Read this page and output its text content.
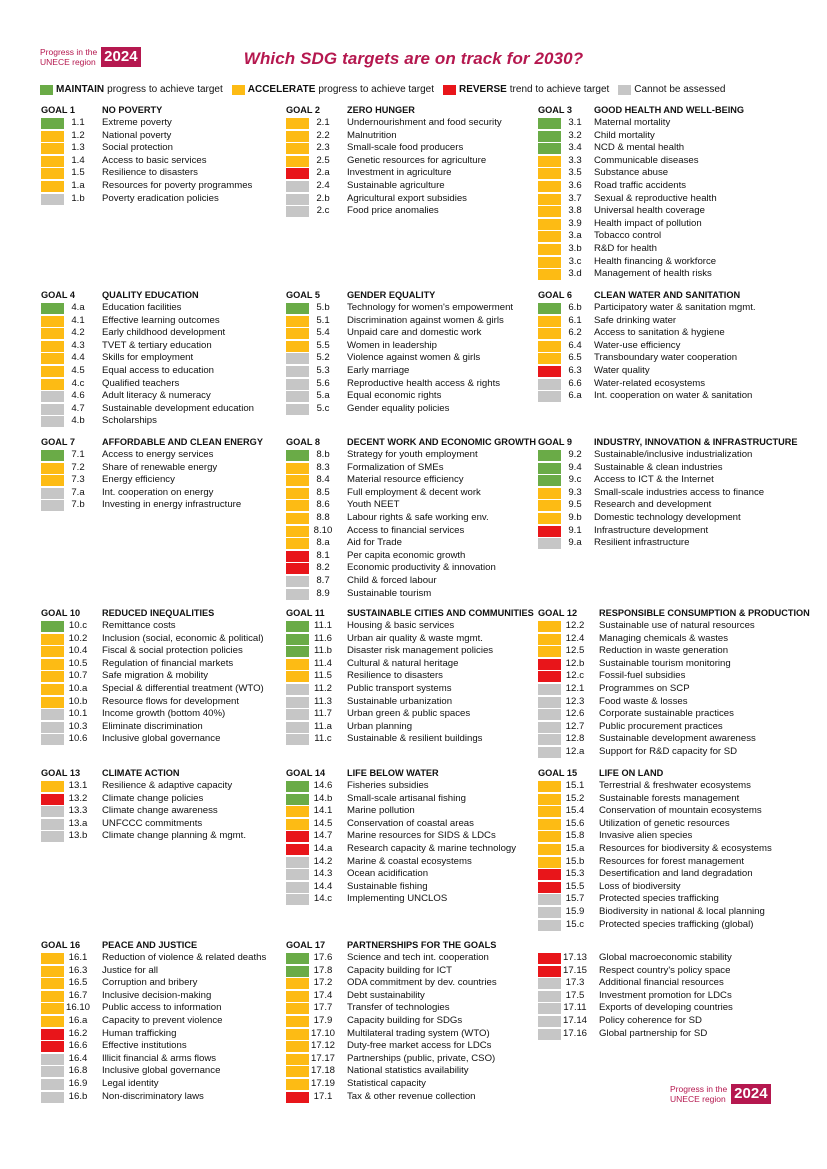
Progress in the
UNECE region 2024	Which SDG targets are on track for 2030?
MAINTAIN progress to achieve target	ACCELERATE progress to achieve target	REVERSE trend to achieve target	Cannot be assessed
GOAL 1	NO POVERTY
1.1	Extreme poverty
1.2	National poverty
1.3	Social protection
1.4	Access to basic services
1.5	Resilience to disasters
1.a	Resources for poverty programmes
1.b	Poverty eradication policies
GOAL 2	ZERO HUNGER
2.1	Undernourishment and food security
2.2	Malnutrition
2.3	Small-scale food producers
2.5	Genetic resources for agriculture
2.a	Investment in agriculture
2.4	Sustainable agriculture
2.b	Agricultural export subsidies
2.c	Food price anomalies
GOAL 3 GOOD HEALTH AND WELL-BEING
3.1	Maternal mortality
3.2	Child mortality
3.4	NCD & mental health
3.3	Communicable diseases
3.5	Substance abuse
3.6	Road traffic accidents
3.7	Sexual & reproductive health
3.8	Universal health coverage
3.9	Health impact of pollution
3.a	Tobacco control
3.b	R&D for health
3.c	Health financing & workforce
3.d	Management of health risks
GOAL 4	QUALITY EDUCATION
4.a	Education facilities
4.1	Effective learning outcomes
4.2	Early childhood development
4.3	TVET & tertiary education
4.4	Skills for employment
4.5	Equal access to education
4.c	Qualified teachers
4.6	Adult literacy & numeracy
4.7	Sustainable development education
4.b	Scholarships
GOAL 5	GENDER EQUALITY
5.b	Technology for women's empowerment
5.1	Discrimination against women & girls
5.4	Unpaid care and domestic work
5.5	Women in leadership
5.2	Violence against women & girls
5.3	Early marriage
5.6	Reproductive health access & rights
5.a	Equal economic rights
5.c	Gender equality policies
GOAL 6 CLEAN WATER AND SANITATION
6.b	Participatory water & sanitation mgmt.
6.1	Safe drinking water
6.2	Access to sanitation & hygiene
6.4	Water-use efficiency
6.5	Transboundary water cooperation
6.3	Water quality
6.6	Water-related ecosystems
6.a	Int. cooperation on water & sanitation
GOAL 7	AFFORDABLE AND CLEAN ENERGY
7.1	Access to energy services
7.2	Share of renewable energy
7.3	Energy efficiency
7.a	Int. cooperation on energy
7.b	Investing in energy infrastructure
GOAL 8	DECENT WORK AND ECONOMIC GROWTH
8.b	Strategy for youth employment
8.3	Formalization of SMEs
8.4	Material resource efficiency
8.5	Full employment & decent work
8.6	Youth NEET
8.8	Labour rights & safe working env.
8.10 Access to financial services
8.a	Aid for Trade
8.1	Per capita economic growth
8.2	Economic productivity & innovation
8.7	Child & forced labour
8.9	Sustainable tourism
GOAL 9 INDUSTRY, INNOVATION & INFRASTRUCTURE
9.2	Sustainable/inclusive industrialization
9.4	Sustainable & clean industries
9.c	Access to ICT & the Internet
9.3	Small-scale industries access to finance
9.5	Research and development
9.b	Domestic technology development
9.1	Infrastructure development
9.a	Resilient infrastructure
GOAL 10 REDUCED INEQUALITIES
10.c	Remittance costs
10.2 Inclusion (social, economic & political)
10.4 Fiscal & social protection policies
10.5 Regulation of financial markets
10.7 Safe migration & mobility
10.a Special & differential treatment (WTO)
10.b Resource flows for development
10.1 Income growth (bottom 40%)
10.3 Eliminate discrimination
10.6 Inclusive global governance
GOAL 11 SUSTAINABLE CITIES AND COMMUNITIES
11.1	Housing & basic services
11.6	Urban air quality & waste mgmt.
11.b	Disaster risk management policies
11.4	Cultural & natural heritage
11.5	Resilience to disasters
11.2	Public transport systems
11.3	Sustainable urbanization
11.7	Urban green & public spaces
11.a	Urban planning
11.c	Sustainable & resilient buildings
GOAL 12 RESPONSIBLE CONSUMPTION & PRODUCTION
12.2 Sustainable use of natural resources
12.4 Managing chemicals & wastes
12.5 Reduction in waste generation
12.b Sustainable tourism monitoring
12.c	Fossil-fuel subsidies
12.1 Programmes on SCP
12.3 Food waste & losses
12.6 Corporate sustainable practices
12.7 Public procurement practices
12.8 Sustainable development awareness
12.a Support for R&D capacity for SD
GOAL 13 CLIMATE ACTION
13.1 Resilience & adaptive capacity
13.2 Climate change policies
13.3 Climate change awareness
13.a UNFCCC commitments
13.b Climate change planning & mgmt.
GOAL 14 LIFE BELOW WATER
14.6 Fisheries subsidies
14.b Small-scale artisanal fishing
14.1 Marine pollution
14.5 Conservation of coastal areas
14.7 Marine resources for SIDS & LDCs
14.a Research capacity & marine technology
14.2 Marine & coastal ecosystems
14.3 Ocean acidification
14.4 Sustainable fishing
14.c	Implementing UNCLOS
GOAL 15 LIFE ON LAND
15.1 Terrestrial & freshwater ecosystems
15.2 Sustainable forests management
15.4 Conservation of mountain ecosystems
15.6 Utilization of genetic resources
15.8 Invasive alien species
15.a Resources for biodiversity & ecosystems
15.b Resources for forest management
15.3 Desertification and land degradation
15.5 Loss of biodiversity
15.7 Protected species trafficking
15.9 Biodiversity in national & local planning
15.c	Protected species trafficking (global)
GOAL 16 PEACE AND JUSTICE
16.1 Reduction of violence & related deaths
16.3 Justice for all
16.5 Corruption and bribery
16.7 Inclusive decision-making
16.10 Public access to information
16.a Capacity to prevent violence
16.2 Human trafficking
16.6 Effective institutions
16.4 Illicit financial & arms flows
16.8 Inclusive global governance
16.9 Legal identity
16.b Non-discriminatory laws
GOAL 17 PARTNERSHIPS FOR THE GOALS
17.6 Science and tech int. cooperation
17.8 Capacity building for ICT
17.2 ODA commitment by dev. countries
17.4 Debt sustainability
17.7 Transfer of technologies
17.9 Capacity building for SDGs
17.10 Multilateral trading system (WTO)
17.12 Duty-free market access for LDCs
17.17 Partnerships (public, private, CSO)
17.18 National statistics availability
17.19 Statistical capacity
17.1 Tax & other revenue collection
17.13 Global macroeconomic stability
17.15 Respect country's policy space
17.3 Additional financial resources
17.5 Investment promotion for LDCs
17.11 Exports of developing countries
17.14 Policy coherence for SD
17.16 Global partnership for SD
Progress in the
UNECE region 2024
